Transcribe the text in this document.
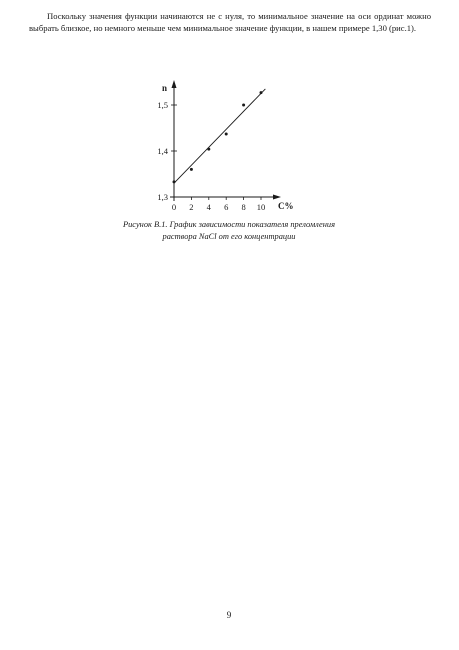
Поскольку значения функции начинаются не с нуля, то минимальное значение на оси ординат можно выбрать близкое, но немного меньше чем минимальное значение функции, в нашем примере 1,30 (рис.1).

n
C%
0 2 4 6 8 10
1,3
1,4
1,5

Рисунок В.1. График зависимости показателя преломления
раствора NaCl от его концентрации

9
